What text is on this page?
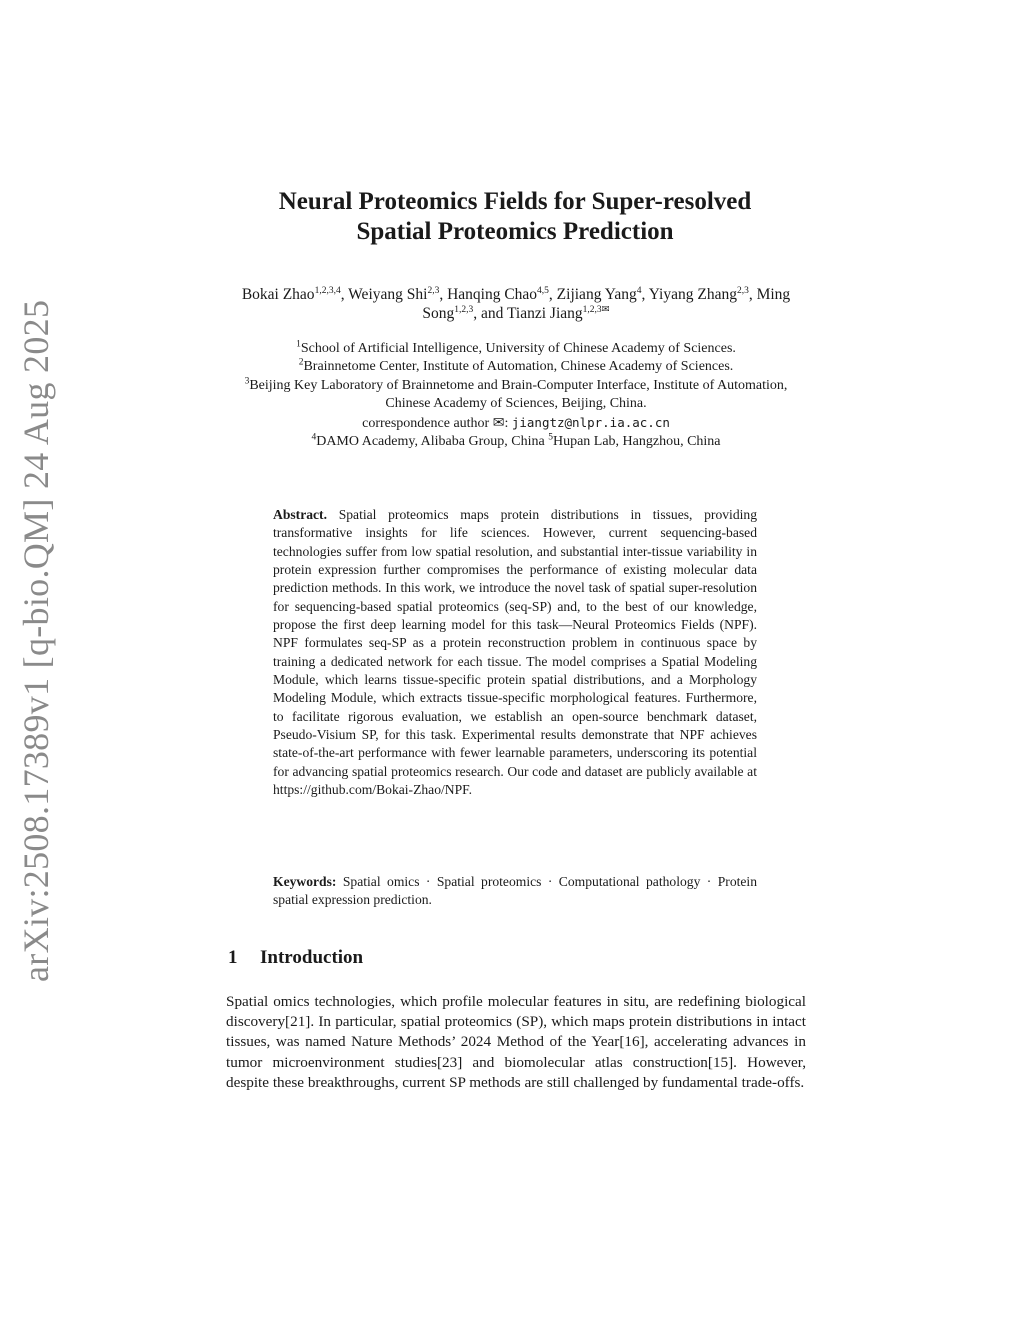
arXiv:2508.17389v1 [q-bio.QM] 24 Aug 2025
Neural Proteomics Fields for Super-resolved
Spatial Proteomics Prediction
Bokai Zhao$^{1,2,3,4}$, Weiyang Shi$^{2,3}$, Hanqing Chao$^{4,5}$, Zijiang Yang$^4$, Yiyang Zhang$^{2,3}$, Ming Song$^{1,2,3}$, and Tianzi Jiang$^{1,2,3✉}$
$^1$School of Artificial Intelligence, University of Chinese Academy of Sciences.
$^2$Brainnetome Center, Institute of Automation, Chinese Academy of Sciences.
$^3$Beijing Key Laboratory of Brainnetome and Brain-Computer Interface, Institute of Automation, Chinese Academy of Sciences, Beijing, China.
correspondence author ✉: jiangtz@nlpr.ia.ac.cn
$^4$DAMO Academy, Alibaba Group, China $^5$Hupan Lab, Hangzhou, China
Abstract. Spatial proteomics maps protein distributions in tissues, providing transformative insights for life sciences. However, current sequencing-based technologies suffer from low spatial resolution, and substantial inter-tissue variability in protein expression further compromises the performance of existing molecular data prediction methods. In this work, we introduce the novel task of spatial super-resolution for sequencing-based spatial proteomics (seq-SP) and, to the best of our knowledge, propose the first deep learning model for this task—Neural Proteomics Fields (NPF). NPF formulates seq-SP as a protein reconstruction problem in continuous space by training a dedicated network for each tissue. The model comprises a Spatial Modeling Module, which learns tissue-specific protein spatial distributions, and a Morphology Modeling Module, which extracts tissue-specific morphological features. Furthermore, to facilitate rigorous evaluation, we establish an open-source benchmark dataset, Pseudo-Visium SP, for this task. Experimental results demonstrate that NPF achieves state-of-the-art performance with fewer learnable parameters, underscoring its potential for advancing spatial proteomics research. Our code and dataset are publicly available at https://github.com/Bokai-Zhao/NPF.
Keywords: Spatial omics · Spatial proteomics · Computational pathology · Protein spatial expression prediction.
1 Introduction
Spatial omics technologies, which profile molecular features in situ, are redefining biological discovery[21]. In particular, spatial proteomics (SP), which maps protein distributions in intact tissues, was named Nature Methods’ 2024 Method of the Year[16], accelerating advances in tumor microenvironment studies[23] and biomolecular atlas construction[15]. However, despite these breakthroughs, current SP methods are still challenged by fundamental trade-offs.
